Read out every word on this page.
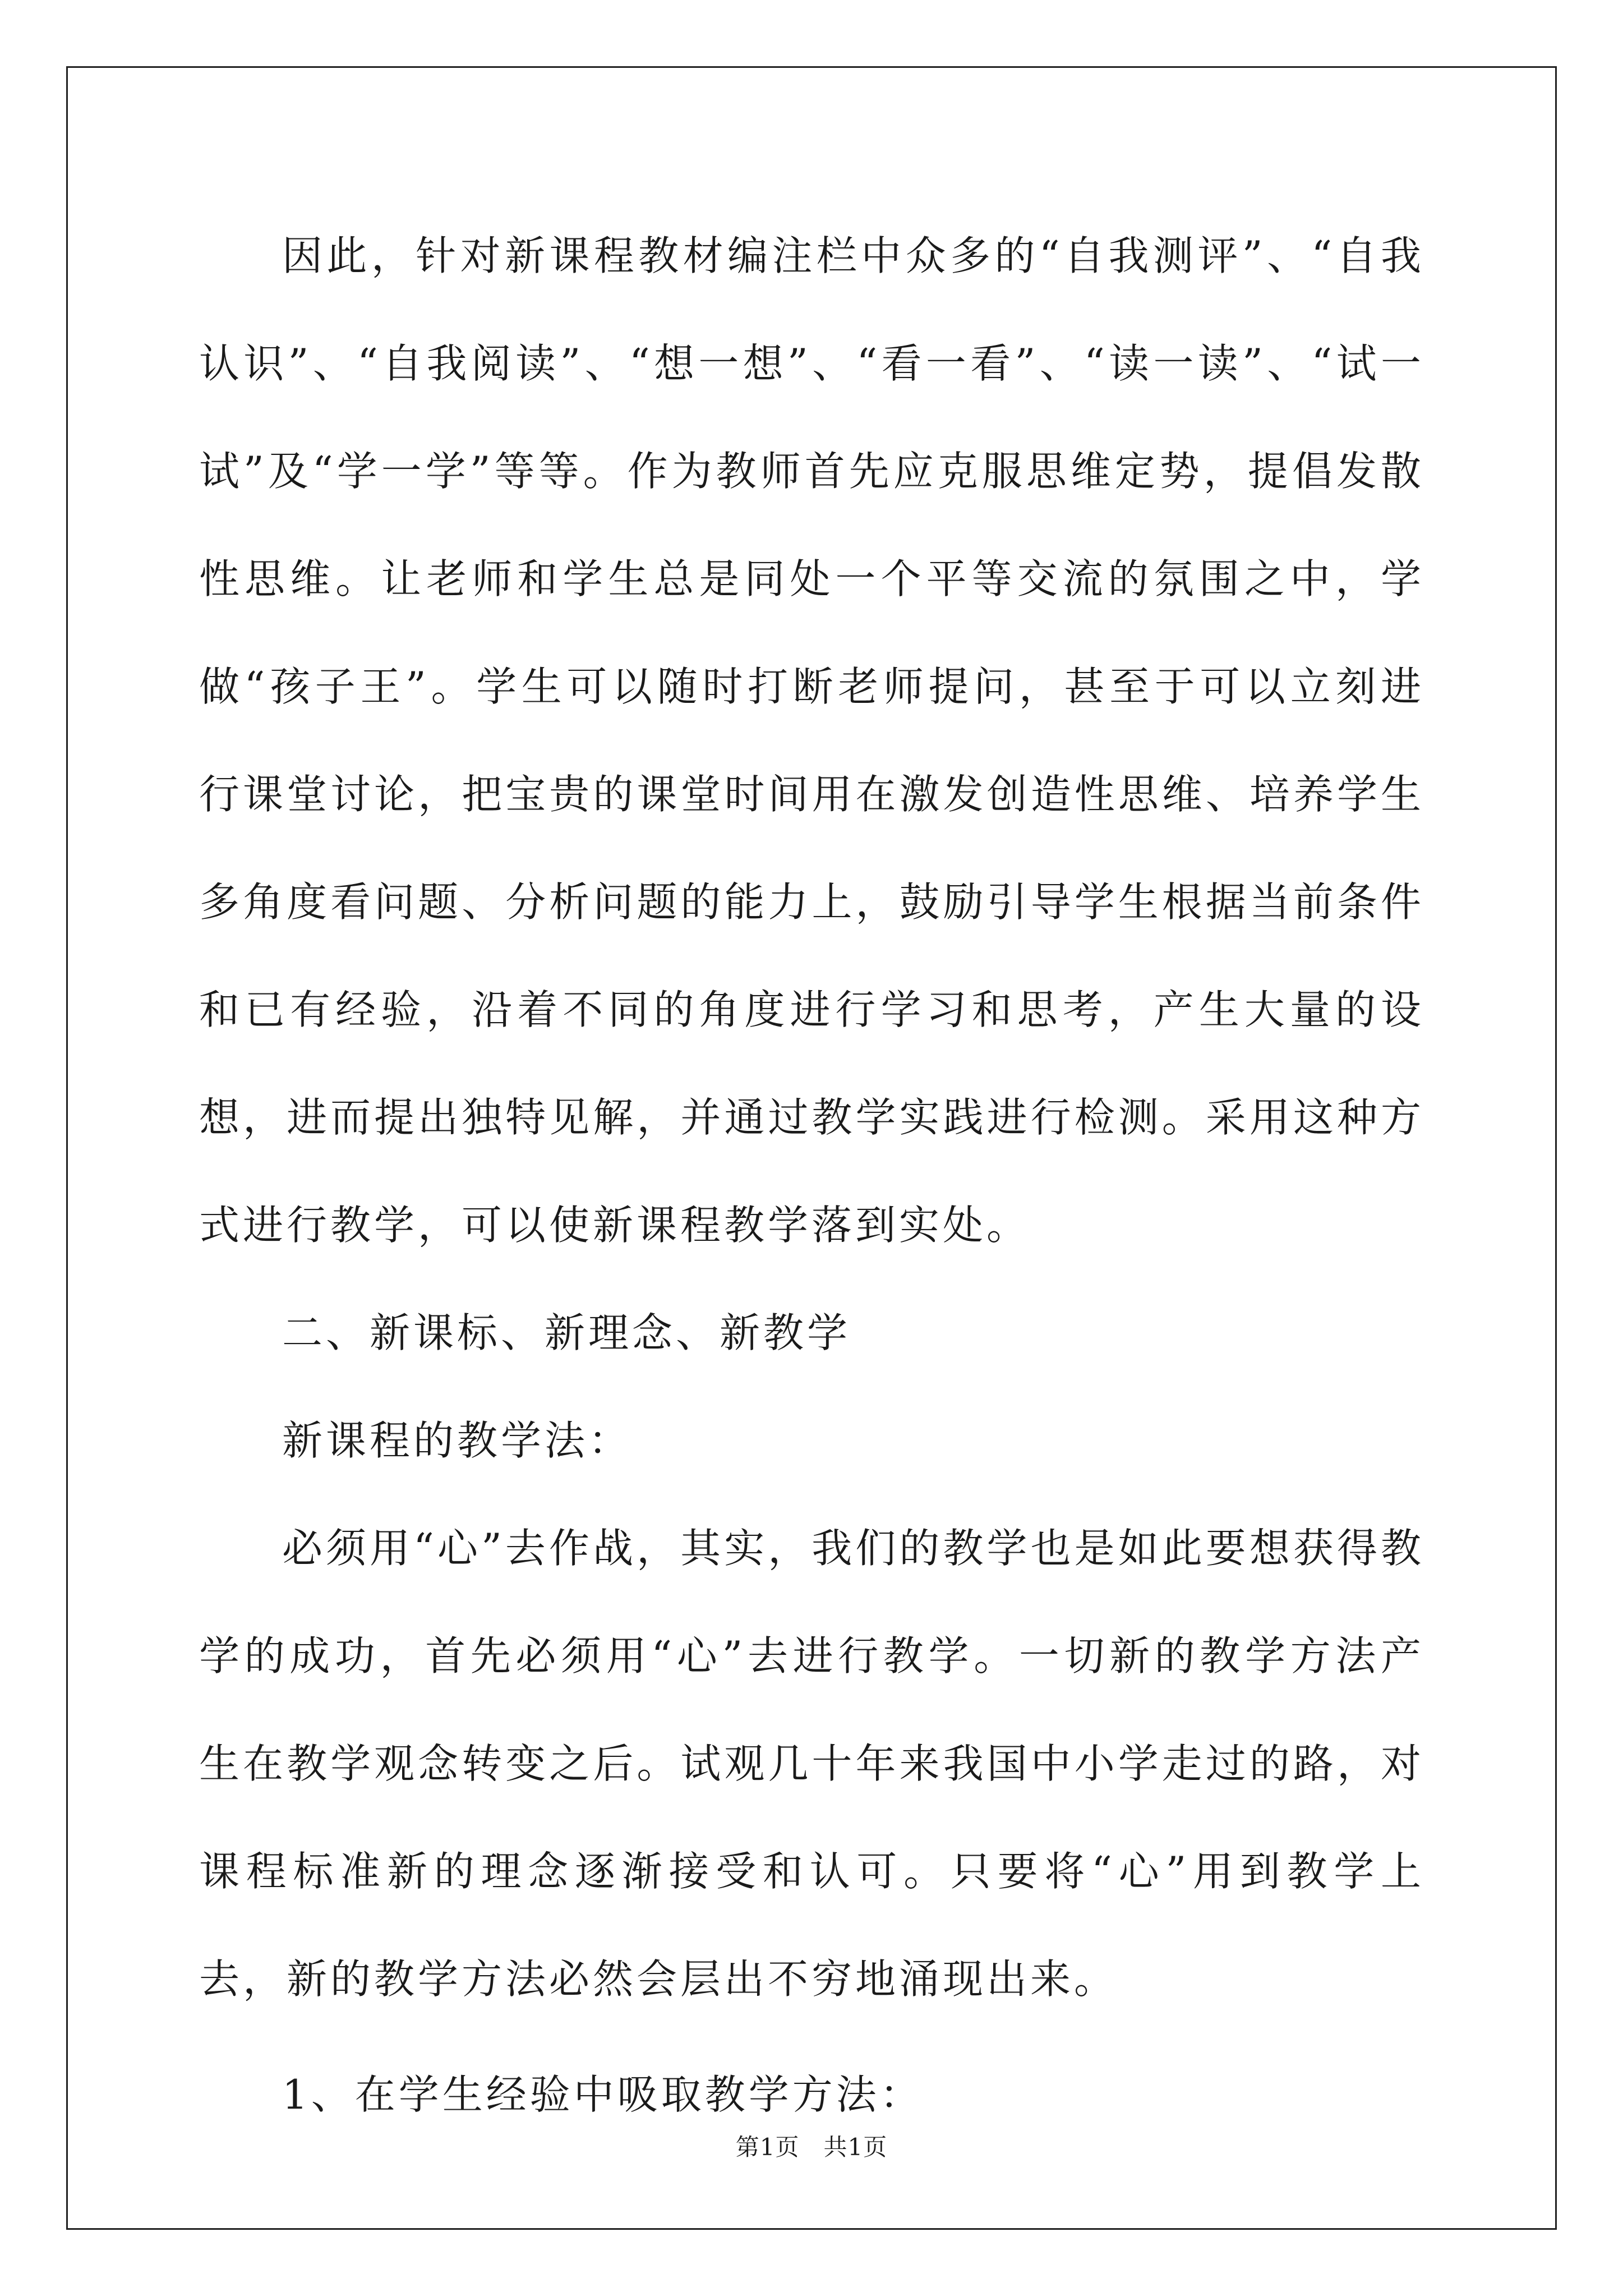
因此，针对新课程教材编注栏中众多的“自我测评”、“自我认识”、“自我阅读”、“想一想”、“看一看”、“读一读”、“试一试”及“学一学”等等。作为教师首先应克服思维定势，提倡发散性思维。让老师和学生总是同处一个平等交流的氛围之中，学做“孩子王”。学生可以随时打断老师提问，甚至于可以立刻进行课堂讨论，把宝贵的课堂时间用在激发创造性思维、培养学生多角度看问题、分析问题的能力上，鼓励引导学生根据当前条件和已有经验，沿着不同的角度进行学习和思考，产生大量的设想，进而提出独特见解，并通过教学实践进行检测。采用这种方式进行教学，可以使新课程教学落到实处。

二、新课标、新理念、新教学

新课程的教学法：

必须用“心”去作战，其实，我们的教学也是如此要想获得教学的成功，首先必须用“心”去进行教学。一切新的教学方法产生在教学观念转变之后。试观几十年来我国中小学走过的路，对课程标准新的理念逐渐接受和认可。只要将“心”用到教学上去，新的教学方法必然会层出不穷地涌现出来。

1、在学生经验中吸取教学方法：

第1页 共1页
